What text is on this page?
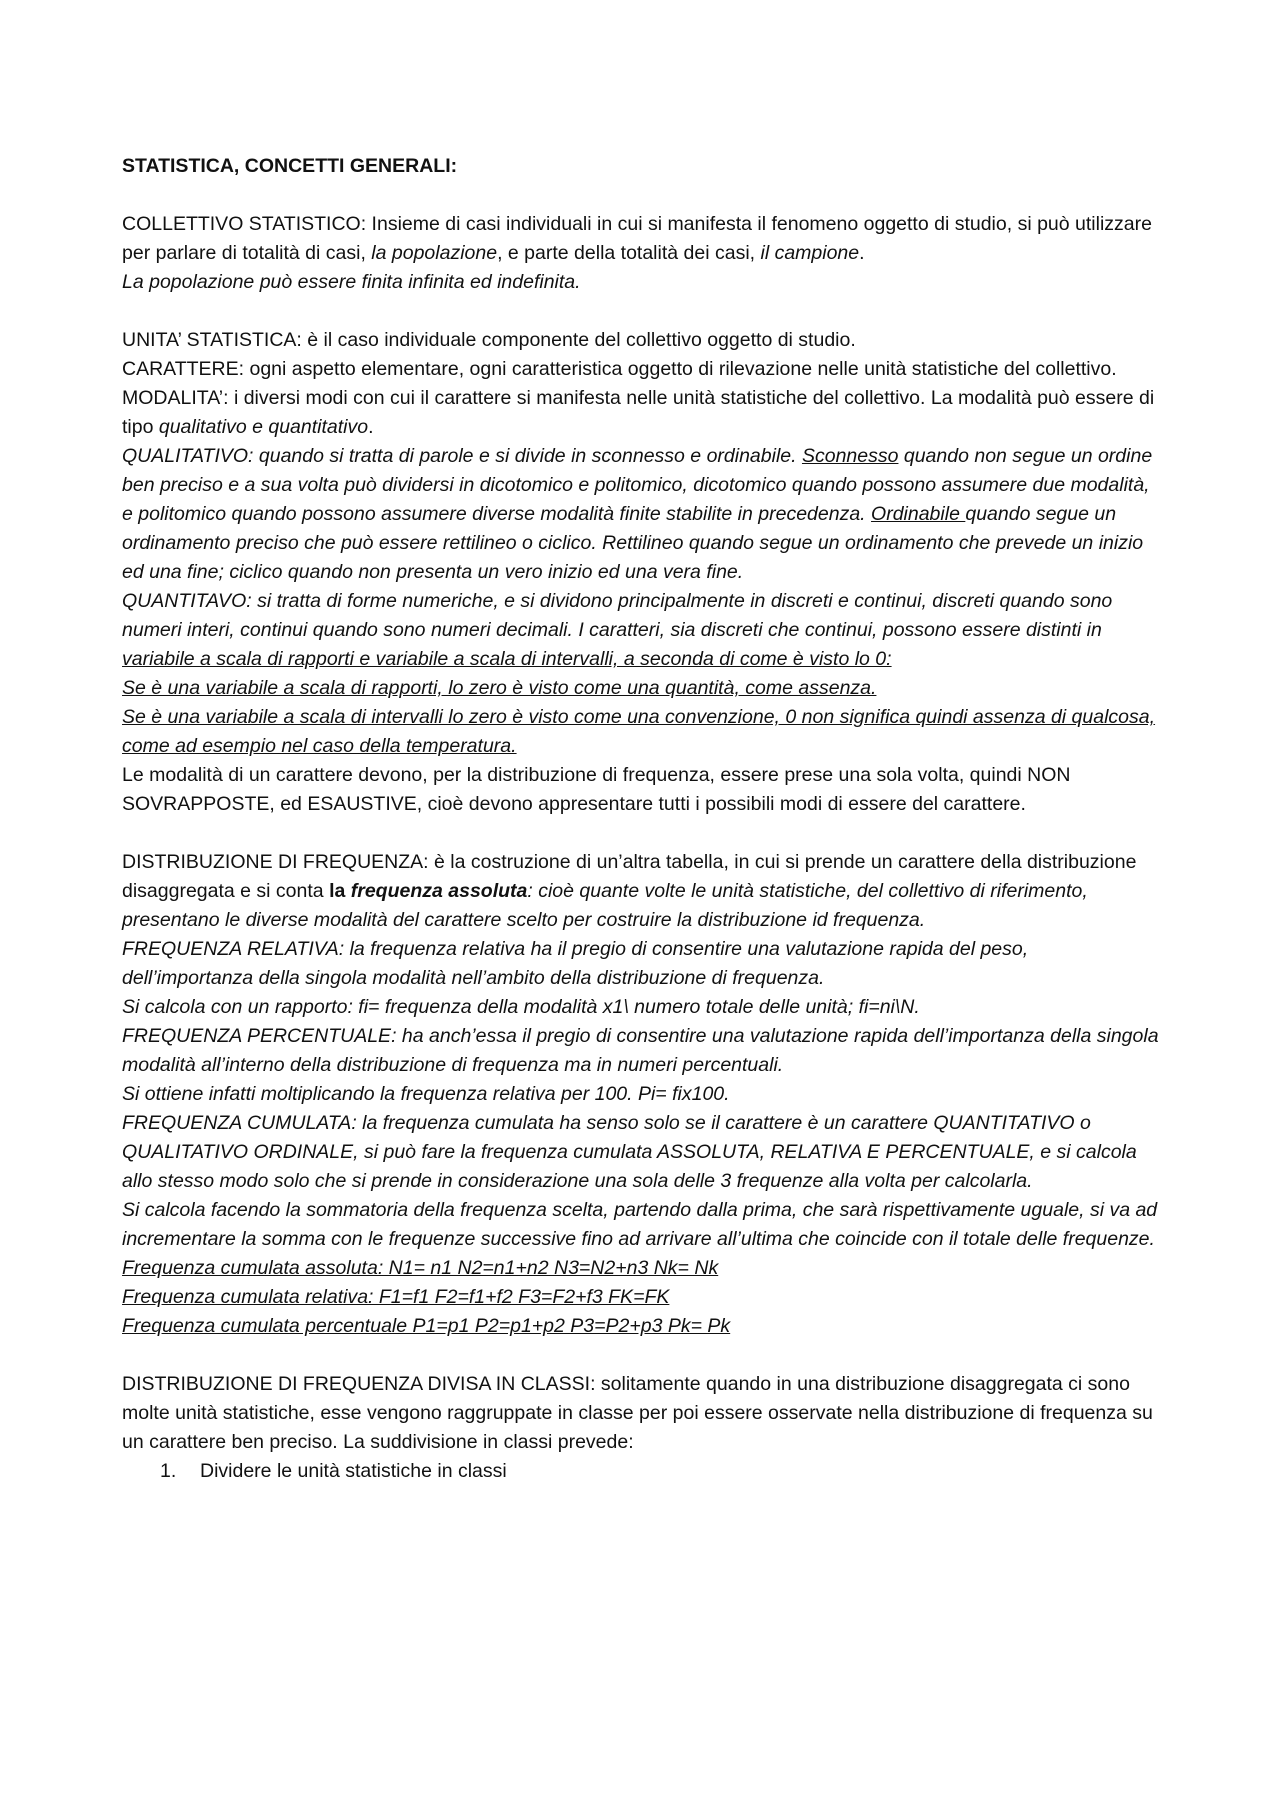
STATISTICA, CONCETTI GENERALI:

COLLETTIVO STATISTICO: Insieme di casi individuali in cui si manifesta il fenomeno oggetto di studio, si può utilizzare per parlare di totalità di casi, la popolazione, e parte della totalità dei casi, il campione.

La popolazione può essere finita infinita ed indefinita.

UNITA’ STATISTICA: è il caso individuale componente del collettivo oggetto di studio.

CARATTERE: ogni aspetto elementare, ogni caratteristica oggetto di rilevazione nelle unità statistiche del collettivo.

MODALITA’: i diversi modi con cui il carattere si manifesta nelle unità statistiche del collettivo. La modalità può essere di tipo qualitativo e quantitativo.

QUALITATIVO: quando si tratta di parole e si divide in sconnesso e ordinabile. Sconnesso quando non segue un ordine ben preciso e a sua volta può dividersi in dicotomico e politomico, dicotomico quando possono assumere due modalità, e politomico quando possono assumere diverse modalità finite stabilite in precedenza. Ordinabile quando segue un ordinamento preciso che può essere rettilineo o ciclico. Rettilineo quando segue un ordinamento che prevede un inizio ed una fine; ciclico quando non presenta un vero inizio ed una vera fine.

QUANTITAVO: si tratta di forme numeriche, e si dividono principalmente in discreti e continui, discreti quando sono numeri interi, continui quando sono numeri decimali. I caratteri, sia discreti che continui, possono essere distinti in variabile a scala di rapporti e variabile a scala di intervalli, a seconda di come è visto lo 0:

Se è una variabile a scala di rapporti, lo zero è visto come una quantità, come assenza.

Se è una variabile a scala di intervalli lo zero è visto come una convenzione, 0 non significa quindi assenza di qualcosa, come ad esempio nel caso della temperatura.

Le modalità di un carattere devono, per la distribuzione di frequenza, essere prese una sola volta, quindi NON SOVRAPPOSTE, ed ESAUSTIVE, cioè devono appresentare tutti i possibili modi di essere del carattere.

DISTRIBUZIONE DI FREQUENZA: è la costruzione di un’altra tabella, in cui si prende un carattere della distribuzione disaggregata e si conta la frequenza assoluta: cioè quante volte le unità statistiche, del collettivo di riferimento, presentano le diverse modalità del carattere scelto per costruire la distribuzione id frequenza.

FREQUENZA RELATIVA: la frequenza relativa ha il pregio di consentire una valutazione rapida del peso, dell’importanza della singola modalità nell’ambito della distribuzione di frequenza.

Si calcola con un rapporto: fi= frequenza della modalità x1\ numero totale delle unità; fi=ni\N.

FREQUENZA PERCENTUALE: ha anch’essa il pregio di consentire una valutazione rapida dell’importanza della singola modalità all’interno della distribuzione di frequenza ma in numeri percentuali.

Si ottiene infatti moltiplicando la frequenza relativa per 100. Pi= fix100.

FREQUENZA CUMULATA: la frequenza cumulata ha senso solo se il carattere è un carattere QUANTITATIVO o QUALITATIVO ORDINALE, si può fare la frequenza cumulata ASSOLUTA, RELATIVA E PERCENTUALE, e si calcola allo stesso modo solo che si prende in considerazione una sola delle 3 frequenze alla volta per calcolarla.

Si calcola facendo la sommatoria della frequenza scelta, partendo dalla prima, che sarà rispettivamente uguale, si va ad incrementare la somma con le frequenze successive fino ad arrivare all’ultima che coincide con il totale delle frequenze.

Frequenza cumulata assoluta: N1= n1 N2=n1+n2 N3=N2+n3 Nk= Nk

Frequenza cumulata relativa: F1=f1 F2=f1+f2 F3=F2+f3 FK=FK

Frequenza cumulata percentuale P1=p1 P2=p1+p2 P3=P2+p3 Pk= Pk

DISTRIBUZIONE DI FREQUENZA DIVISA IN CLASSI: solitamente quando in una distribuzione disaggregata ci sono molte unità statistiche, esse vengono raggruppate in classe per poi essere osservate nella distribuzione di frequenza su un carattere ben preciso. La suddivisione in classi prevede:

1.	Dividere le unità statistiche in classi
